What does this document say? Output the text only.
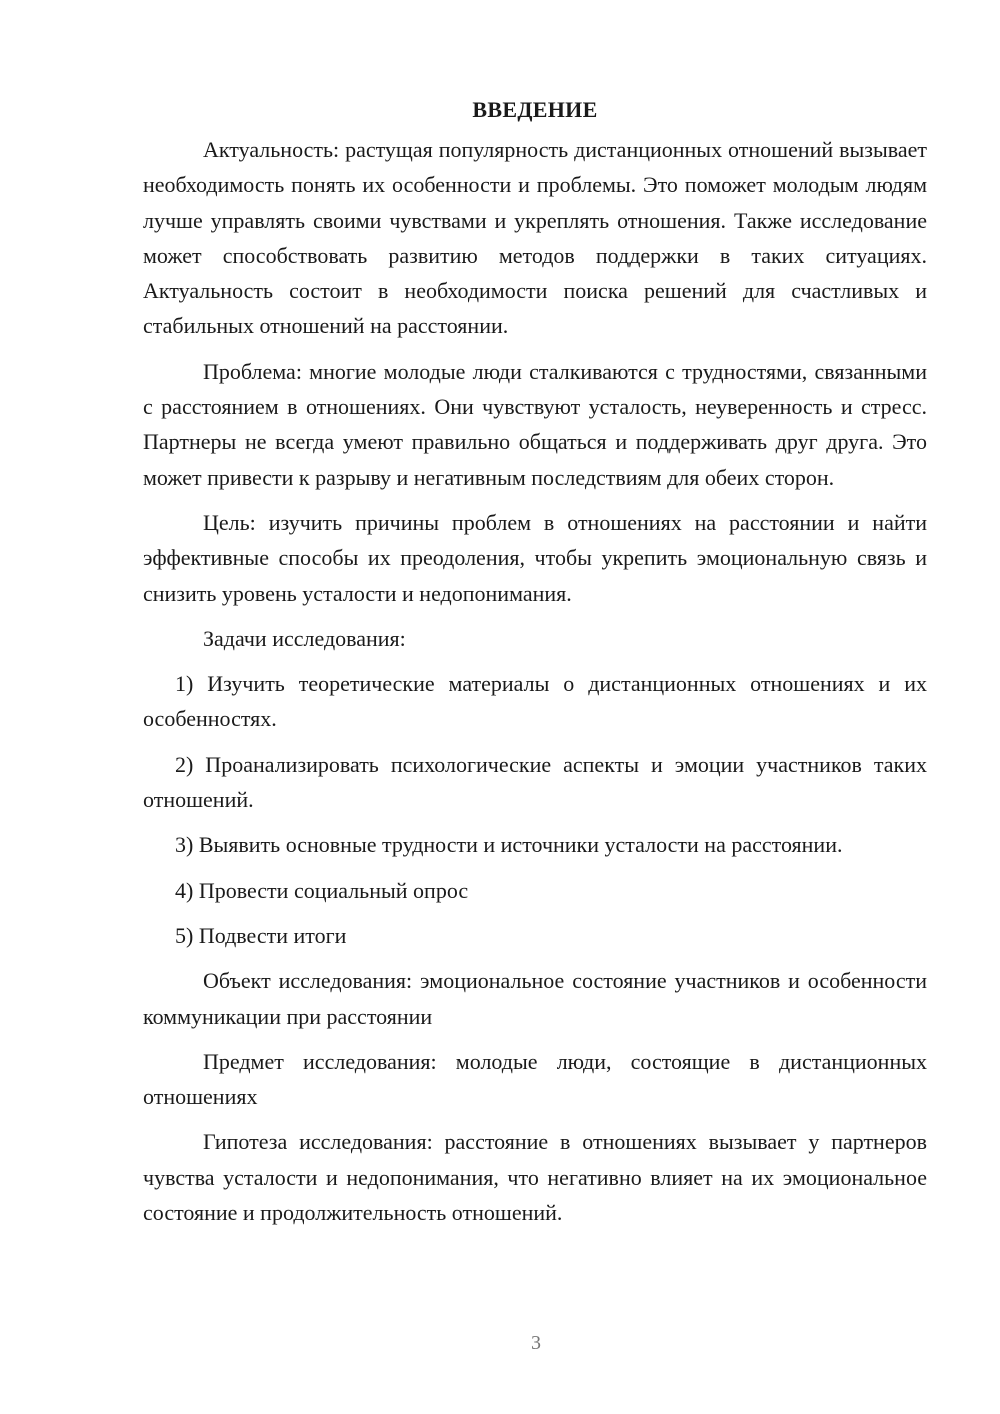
ВВЕДЕНИЕ

Актуальность: растущая популярность дистанционных отношений вызывает необходимость понять их особенности и проблемы. Это поможет молодым людям лучше управлять своими чувствами и укреплять отношения. Также исследование может способствовать развитию методов поддержки в таких ситуациях. Актуальность состоит в необходимости поиска решений для счастливых и стабильных отношений на расстоянии.

Проблема: многие молодые люди сталкиваются с трудностями, связанными с расстоянием в отношениях. Они чувствуют усталость, неуверенность и стресс. Партнеры не всегда умеют правильно общаться и поддерживать друг друга. Это может привести к разрыву и негативным последствиям для обеих сторон.

Цель: изучить причины проблем в отношениях на расстоянии и найти эффективные способы их преодоления, чтобы укрепить эмоциональную связь и снизить уровень усталости и недопонимания.

Задачи исследования:

1) Изучить теоретические материалы о дистанционных отношениях и их особенностях.

2) Проанализировать психологические аспекты и эмоции участников таких отношений.

3) Выявить основные трудности и источники усталости на расстоянии.

4) Провести социальный опрос

5) Подвести итоги

Объект исследования: эмоциональное состояние участников и особенности коммуникации при расстоянии

Предмет исследования: молодые люди, состоящие в дистанционных отношениях

Гипотеза исследования: расстояние в отношениях вызывает у партнеров чувства усталости и недопонимания, что негативно влияет на их эмоциональное состояние и продолжительность отношений.

3
